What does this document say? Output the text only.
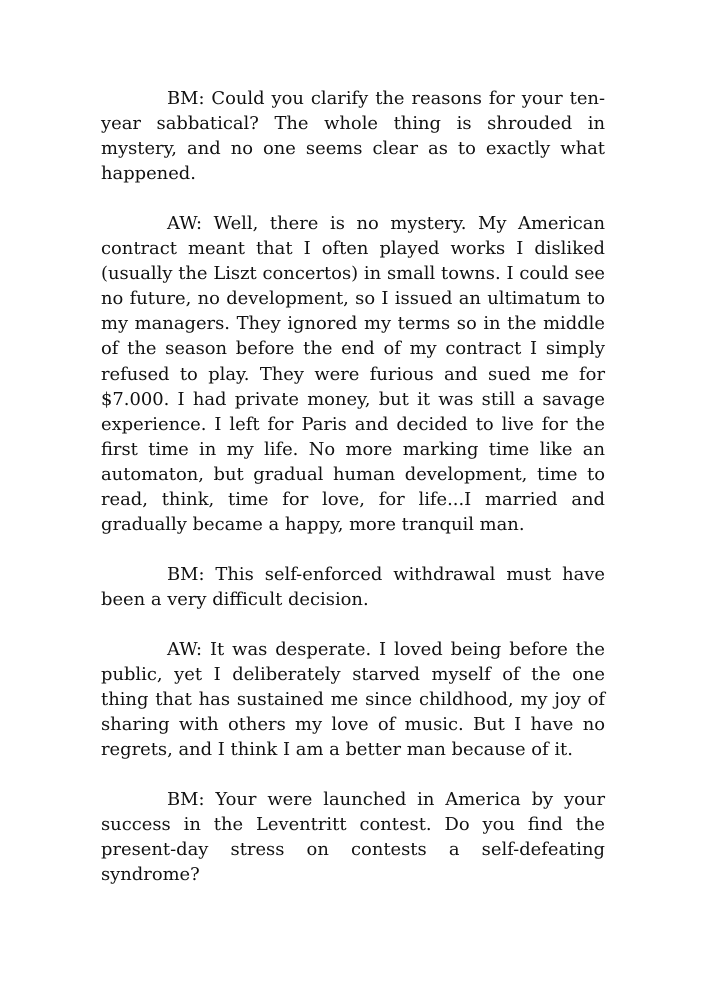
BM: Could you clarify the reasons for your ten-year sabbatical? The whole thing is shrouded in mystery, and no one seems clear as to exactly what happened.

AW: Well, there is no mystery. My American contract meant that I often played works I disliked (usually the Liszt concertos) in small towns. I could see no future, no development, so I issued an ultimatum to my managers. They ignored my terms so in the middle of the season before the end of my contract I simply refused to play. They were furious and sued me for $7.000. I had private money, but it was still a savage experience. I left for Paris and decided to live for the first time in my life. No more marking time like an automaton, but gradual human development, time to read, think, time for love, for life...I married and gradually became a happy, more tranquil man.

BM: This self-enforced withdrawal must have been a very difficult decision.

AW: It was desperate. I loved being before the public, yet I deliberately starved myself of the one thing that has sustained me since childhood, my joy of sharing with others my love of music. But I have no regrets, and I think I am a better man because of it.

BM: Your were launched in America by your success in the Leventritt contest. Do you find the present-day stress on contests a self-defeating syndrome?
